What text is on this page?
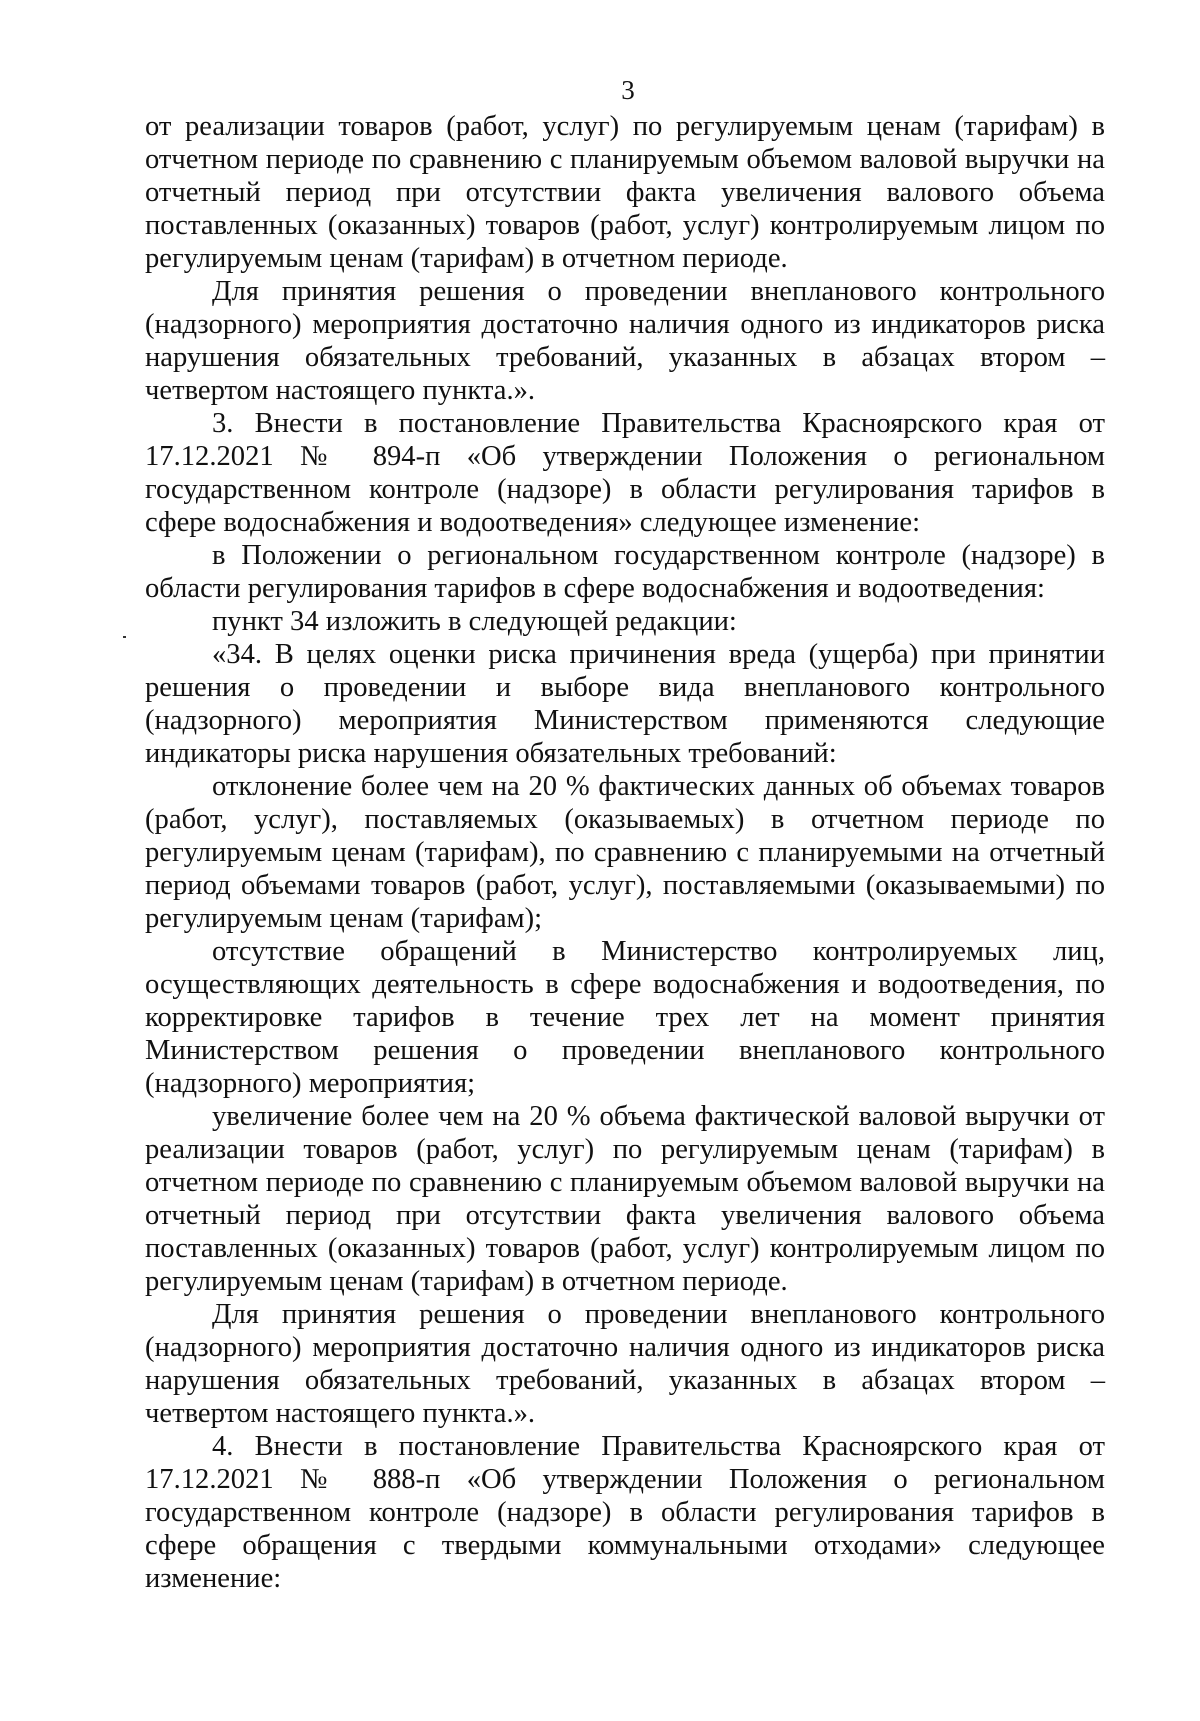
3

от реализации товаров (работ, услуг) по регулируемым ценам (тарифам) в отчетном периоде по сравнению с планируемым объемом валовой выручки на отчетный период при отсутствии факта увеличения валового объема поставленных (оказанных) товаров (работ, услуг) контролируемым лицом по регулируемым ценам (тарифам) в отчетном периоде.

Для принятия решения о проведении внепланового контрольного (надзорного) мероприятия достаточно наличия одного из индикаторов риска нарушения обязательных требований, указанных в абзацах втором – четвертом настоящего пункта.».

3. Внести в постановление Правительства Красноярского края от 17.12.2021 № 894-п «Об утверждении Положения о региональном государственном контроле (надзоре) в области регулирования тарифов в сфере водоснабжения и водоотведения» следующее изменение:

в Положении о региональном государственном контроле (надзоре) в области регулирования тарифов в сфере водоснабжения и водоотведения:

пункт 34 изложить в следующей редакции:

«34. В целях оценки риска причинения вреда (ущерба) при принятии решения о проведении и выборе вида внепланового контрольного (надзорного) мероприятия Министерством применяются следующие индикаторы риска нарушения обязательных требований:

отклонение более чем на 20 % фактических данных об объемах товаров (работ, услуг), поставляемых (оказываемых) в отчетном периоде по регулируемым ценам (тарифам), по сравнению с планируемыми на отчетный период объемами товаров (работ, услуг), поставляемыми (оказываемыми) по регулируемым ценам (тарифам);

отсутствие обращений в Министерство контролируемых лиц, осуществляющих деятельность в сфере водоснабжения и водоотведения, по корректировке тарифов в течение трех лет на момент принятия Министерством решения о проведении внепланового контрольного (надзорного) мероприятия;

увеличение более чем на 20 % объема фактической валовой выручки от реализации товаров (работ, услуг) по регулируемым ценам (тарифам) в отчетном периоде по сравнению с планируемым объемом валовой выручки на отчетный период при отсутствии факта увеличения валового объема поставленных (оказанных) товаров (работ, услуг) контролируемым лицом по регулируемым ценам (тарифам) в отчетном периоде.

Для принятия решения о проведении внепланового контрольного (надзорного) мероприятия достаточно наличия одного из индикаторов риска нарушения обязательных требований, указанных в абзацах втором – четвертом настоящего пункта.».

4. Внести в постановление Правительства Красноярского края от 17.12.2021 № 888-п «Об утверждении Положения о региональном государственном контроле (надзоре) в области регулирования тарифов в сфере обращения с твердыми коммунальными отходами» следующее изменение:
